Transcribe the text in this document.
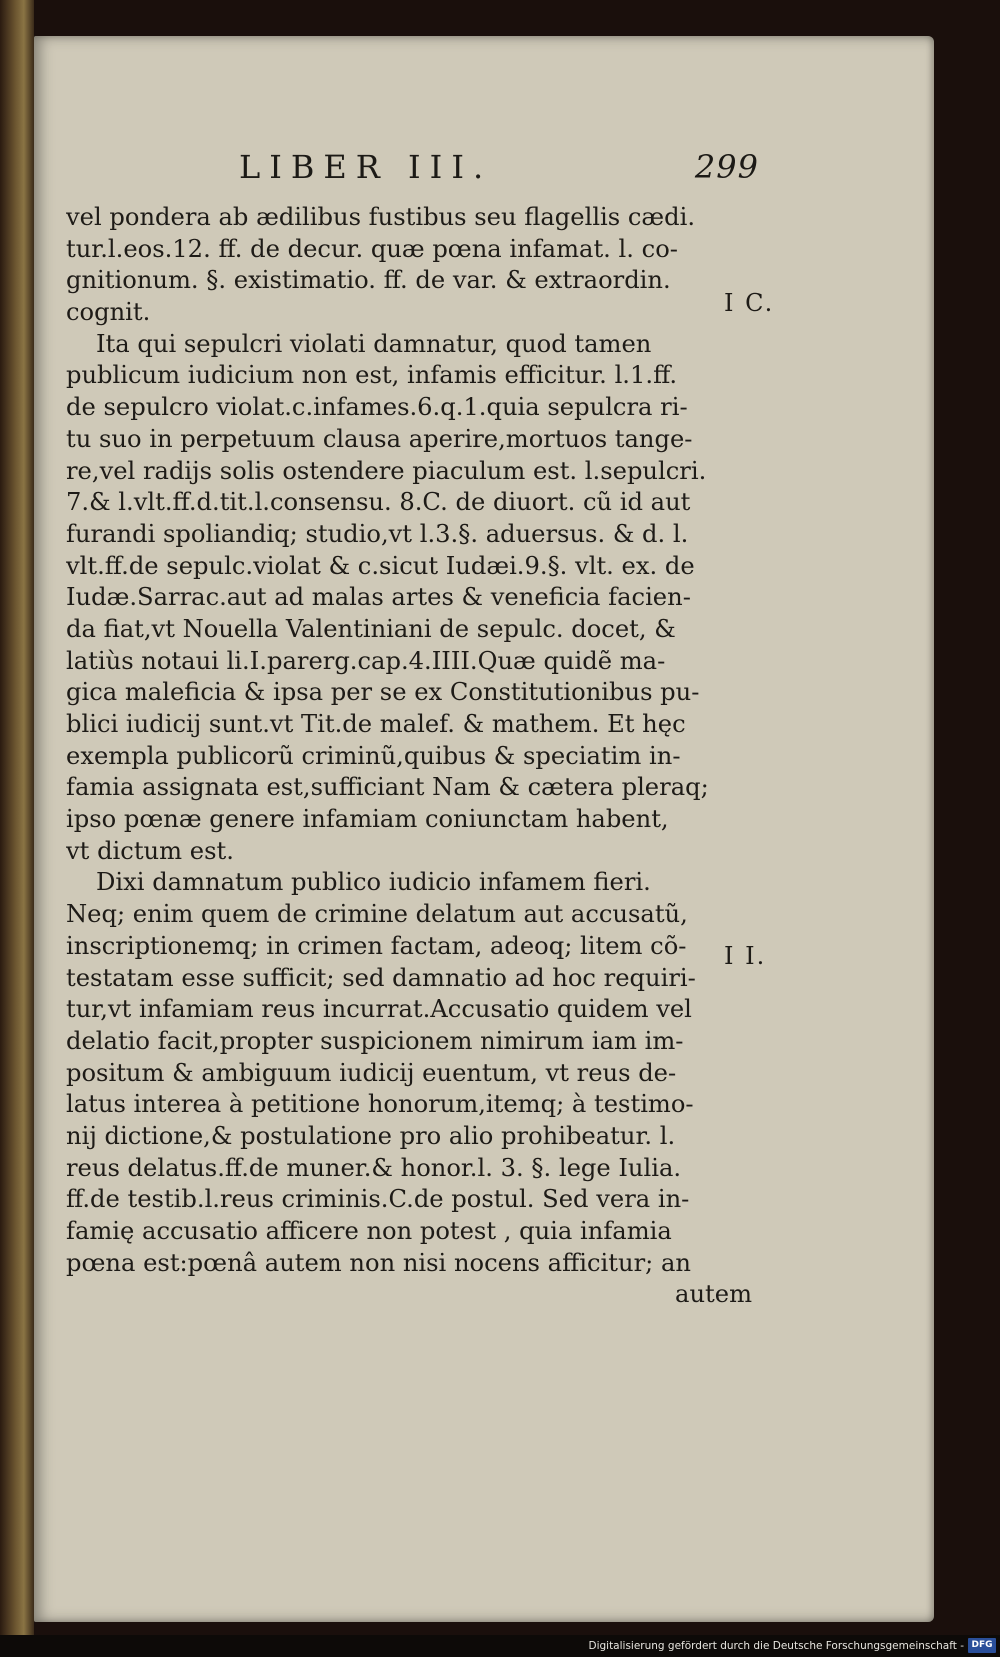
LIBER III.	299
vel pondera ab ædilibus fustibus seu flagellis cædi.
tur.l.eos.12. ff. de decur. quæ pœna infamat. l. co-
gnitionum. §. existimatio. ff. de var. & extraordin.
cognit.
Ita qui sepulcri violati damnatur, quod tamen
publicum iudicium non est, infamis efficitur. l.1.ff.
de sepulcro violat.c.infames.6.q.1.quia sepulcra ri-
tu suo in perpetuum clausa aperire,mortuos tange-
re,vel radijs solis ostendere piaculum est. l.sepulcri.
7.& l.vlt.ff.d.tit.l.consensu. 8.C. de diuort. cũ id aut
furandi spoliandiq; studio,vt l.3.§. aduersus. & d. l.
vlt.ff.de sepulc.violat & c.sicut Iudæi.9.§. vlt. ex. de
Iudæ.Sarrac.aut ad malas artes & veneficia facien-
da fiat,vt Nouella Valentiniani de sepulc. docet, &
latiùs notaui li.I.parerg.cap.4.IIII.Quæ quidẽ ma-
gica maleficia & ipsa per se ex Constitutionibus pu-
blici iudicij sunt.vt Tit.de malef. & mathem. Et hęc
exempla publicorũ criminũ,quibus & speciatim in-
famia assignata est,sufficiant Nam & cætera pleraq;
ipso pœnæ genere infamiam coniunctam habent,
vt dictum est.
Dixi damnatum publico iudicio infamem fieri.
Neq; enim quem de crimine delatum aut accusatũ,
inscriptionemq; in crimen factam, adeoq; litem cõ-
testatam esse sufficit; sed damnatio ad hoc requiri-
tur,vt infamiam reus incurrat.Accusatio quidem vel
delatio facit,propter suspicionem nimirum iam im-
positum & ambiguum iudicij euentum, vt reus de-
latus interea à petitione honorum,itemq; à testimo-
nij dictione,& postulatione pro alio prohibeatur. l.
reus delatus.ff.de muner.& honor.l. 3. §. lege Iulia.
ff.de testib.l.reus criminis.C.de postul. Sed vera in-
famię accusatio afficere non potest , quia infamia
pœna est:pœnâ autem non nisi nocens afficitur; an
autem
I C.
I I.
Digitalisierung gefördert durch die Deutsche Forschungsgemeinschaft - DFG
